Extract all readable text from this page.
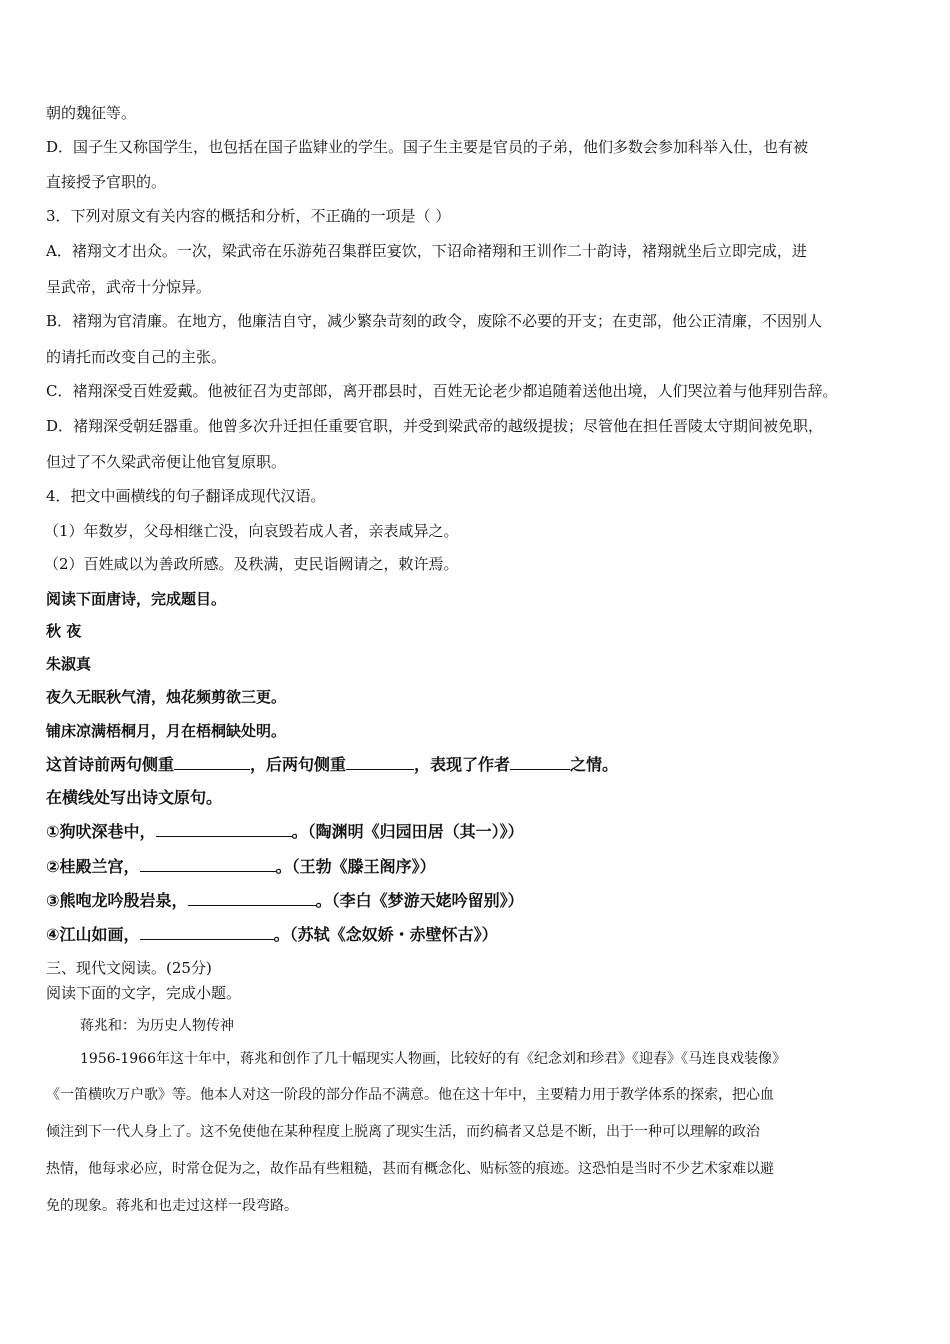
朝的魏征等。
D．国子生又称国学生，也包括在国子监肄业的学生。国子生主要是官员的子弟，他们多数会参加科举入仕，也有被
直接授予官职的。
3．下列对原文有关内容的概括和分析，不正确的一项是（ ）
A．褚翔文才出众。一次，梁武帝在乐游苑召集群臣宴饮，下诏命褚翔和王训作二十韵诗，褚翔就坐后立即完成，进
呈武帝，武帝十分惊异。
B．褚翔为官清廉。在地方，他廉洁自守，减少繁杂苛刻的政令，废除不必要的开支；在吏部，他公正清廉，不因别人
的请托而改变自己的主张。
C．褚翔深受百姓爱戴。他被征召为吏部郎，离开郡县时，百姓无论老少都追随着送他出境，人们哭泣着与他拜别告辞。
D．褚翔深受朝廷器重。他曾多次升迁担任重要官职，并受到梁武帝的越级提拔；尽管他在担任晋陵太守期间被免职，
但过了不久梁武帝便让他官复原职。
4．把文中画横线的句子翻译成现代汉语。
（1）年数岁，父母相继亡没，向哀毁若成人者，亲表咸异之。
（2）百姓咸以为善政所感。及秩满，吏民诣阙请之，敕许焉。
阅读下面唐诗，完成题目。
秋 夜
朱淑真
夜久无眠秋气清，烛花频剪欲三更。
铺床凉满梧桐月，月在梧桐缺处明。
这首诗前两句侧重	，后两句侧重	，表现了作者	之情。
在横线处写出诗文原句。
①狗吠深巷中，	。（陶渊明《归园田居（其一）》）
②桂殿兰宫，	。（王勃《滕王阁序》）
③熊咆龙吟殷岩泉，	。（李白《梦游天姥吟留别》）
④江山如画，	。（苏轼《念奴娇・赤壁怀古》）
三、现代文阅读。(25分)
阅读下面的文字，完成小题。
蒋兆和：为历史人物传神
1956-1966年这十年中，蒋兆和创作了几十幅现实人物画，比较好的有《纪念刘和珍君》《迎春》《马连良戏装像》
《一笛横吹万户歌》等。他本人对这一阶段的部分作品不满意。他在这十年中，主要精力用于教学体系的探索，把心血
倾注到下一代人身上了。这不免使他在某种程度上脱离了现实生活，而约稿者又总是不断，出于一种可以理解的政治
热情，他每求必应，时常仓促为之，故作品有些粗糙，甚而有概念化、贴标签的痕迹。这恐怕是当时不少艺术家难以避
免的现象。蒋兆和也走过这样一段弯路。
